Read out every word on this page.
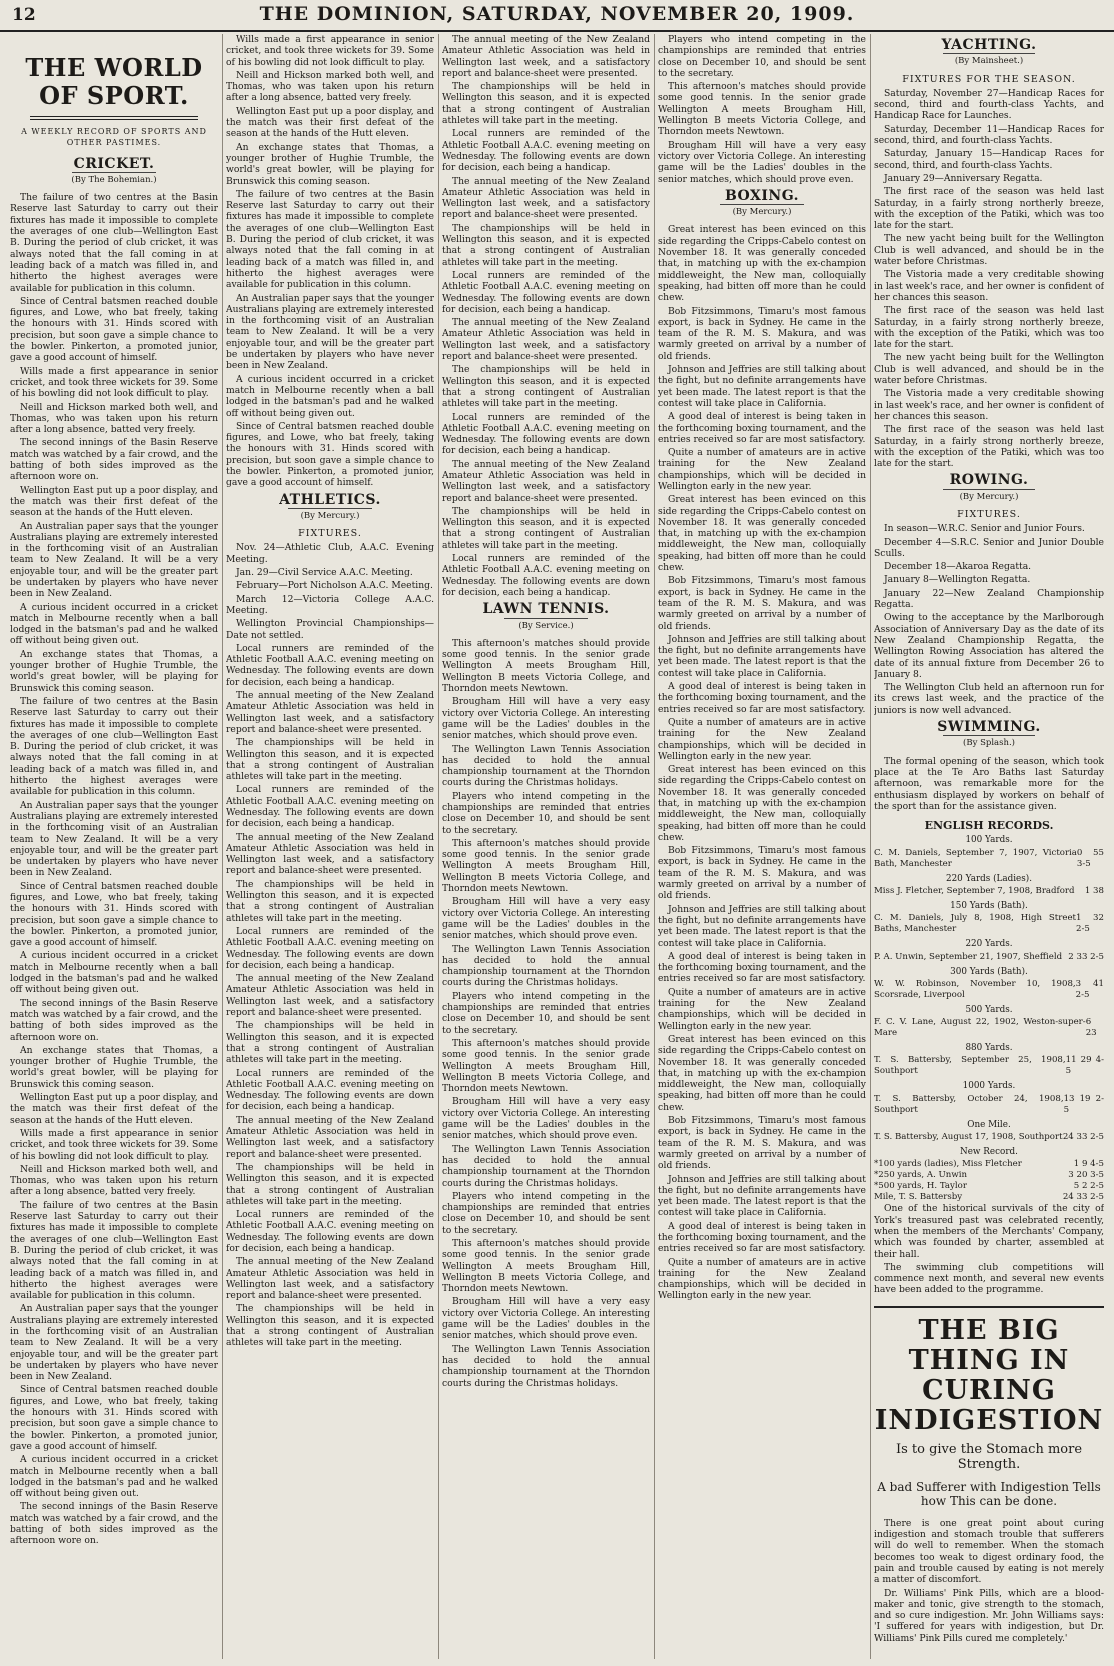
12	THE DOMINION, SATURDAY, NOVEMBER 20, 1909.
THE WORLD OF SPORT.
A WEEKLY RECORD OF SPORTS AND OTHER PASTIMES.
CRICKET.
(By The Bohemian.)

The failure of two centres at the Basin Reserve last Saturday to carry out their fixtures has made it impossible to complete the averages of one club—Wellington East B. During the period of club cricket, it was always noted that the fall coming in at leading back of a match was filled in, and hitherto the highest averages were available for publication in this column.

Since of Central batsmen reached double figures, and Lowe, who bat freely, taking the honours with 31. Hinds scored with precision, but soon gave a simple chance to the bowler. Pinkerton, a promoted junior, gave a good account of himself.

Wills made a first appearance in senior cricket, and took three wickets for 39. Some of his bowling did not look difficult to play.

Neill and Hickson marked both well, and Thomas, who was taken upon his return after a long absence, batted very freely.

The second innings of the Basin Reserve match was watched by a fair crowd, and the batting of both sides improved as the afternoon wore on.

Wellington East put up a poor display, and the match was their first defeat of the season at the hands of the Hutt eleven.

An Australian paper says that the younger Australians playing are extremely interested in the forthcoming visit of an Australian team to New Zealand. It will be a very enjoyable tour, and will be the greater part be undertaken by players who have never been in New Zealand.

A curious incident occurred in a cricket match in Melbourne recently when a ball lodged in the batsman's pad and he walked off without being given out.

An exchange states that Thomas, a younger brother of Hughie Trumble, the world's great bowler, will be playing for Brunswick this coming season.

The failure of two centres at the Basin Reserve last Saturday to carry out their fixtures has made it impossible to complete the averages of one club—Wellington East B. During the period of club cricket, it was always noted that the fall coming in at leading back of a match was filled in, and hitherto the highest averages were available for publication in this column.

An Australian paper says that the younger Australians playing are extremely interested in the forthcoming visit of an Australian team to New Zealand. It will be a very enjoyable tour, and will be the greater part be undertaken by players who have never been in New Zealand.

Since of Central batsmen reached double figures, and Lowe, who bat freely, taking the honours with 31. Hinds scored with precision, but soon gave a simple chance to the bowler. Pinkerton, a promoted junior, gave a good account of himself.

A curious incident occurred in a cricket match in Melbourne recently when a ball lodged in the batsman's pad and he walked off without being given out.

The second innings of the Basin Reserve match was watched by a fair crowd, and the batting of both sides improved as the afternoon wore on.

An exchange states that Thomas, a younger brother of Hughie Trumble, the world's great bowler, will be playing for Brunswick this coming season.

Wellington East put up a poor display, and the match was their first defeat of the season at the hands of the Hutt eleven.

Wills made a first appearance in senior cricket, and took three wickets for 39. Some of his bowling did not look difficult to play.

Neill and Hickson marked both well, and Thomas, who was taken upon his return after a long absence, batted very freely.

The failure of two centres at the Basin Reserve last Saturday to carry out their fixtures has made it impossible to complete the averages of one club—Wellington East B. During the period of club cricket, it was always noted that the fall coming in at leading back of a match was filled in, and hitherto the highest averages were available for publication in this column.

An Australian paper says that the younger Australians playing are extremely interested in the forthcoming visit of an Australian team to New Zealand. It will be a very enjoyable tour, and will be the greater part be undertaken by players who have never been in New Zealand.

Since of Central batsmen reached double figures, and Lowe, who bat freely, taking the honours with 31. Hinds scored with precision, but soon gave a simple chance to the bowler. Pinkerton, a promoted junior, gave a good account of himself.

A curious incident occurred in a cricket match in Melbourne recently when a ball lodged in the batsman's pad and he walked off without being given out.

The second innings of the Basin Reserve match was watched by a fair crowd, and the batting of both sides improved as the afternoon wore on.

Wills made a first appearance in senior cricket, and took three wickets for 39. Some of his bowling did not look difficult to play.

Neill and Hickson marked both well, and Thomas, who was taken upon his return after a long absence, batted very freely.

Wellington East put up a poor display, and the match was their first defeat of the season at the hands of the Hutt eleven.

An exchange states that Thomas, a younger brother of Hughie Trumble, the world's great bowler, will be playing for Brunswick this coming season.

The failure of two centres at the Basin Reserve last Saturday to carry out their fixtures has made it impossible to complete the averages of one club—Wellington East B. During the period of club cricket, it was always noted that the fall coming in at leading back of a match was filled in, and hitherto the highest averages were available for publication in this column.

An Australian paper says that the younger Australians playing are extremely interested in the forthcoming visit of an Australian team to New Zealand. It will be a very enjoyable tour, and will be the greater part be undertaken by players who have never been in New Zealand.

A curious incident occurred in a cricket match in Melbourne recently when a ball lodged in the batsman's pad and he walked off without being given out.

Since of Central batsmen reached double figures, and Lowe, who bat freely, taking the honours with 31. Hinds scored with precision, but soon gave a simple chance to the bowler. Pinkerton, a promoted junior, gave a good account of himself.

ATHLETICS.
(By Mercury.)
FIXTURES.

Nov. 24—Athletic Club, A.A.C. Evening Meeting.

Jan. 29—Civil Service A.A.C. Meeting.

February—Port Nicholson A.A.C. Meeting.

March 12—Victoria College A.A.C. Meeting.

Wellington Provincial Championships—Date not settled.

Local runners are reminded of the Athletic Football A.A.C. evening meeting on Wednesday. The following events are down for decision, each being a handicap.

The annual meeting of the New Zealand Amateur Athletic Association was held in Wellington last week, and a satisfactory report and balance-sheet were presented.

The championships will be held in Wellington this season, and it is expected that a strong contingent of Australian athletes will take part in the meeting.

Local runners are reminded of the Athletic Football A.A.C. evening meeting on Wednesday. The following events are down for decision, each being a handicap.

The annual meeting of the New Zealand Amateur Athletic Association was held in Wellington last week, and a satisfactory report and balance-sheet were presented.

The championships will be held in Wellington this season, and it is expected that a strong contingent of Australian athletes will take part in the meeting.

Local runners are reminded of the Athletic Football A.A.C. evening meeting on Wednesday. The following events are down for decision, each being a handicap.

The annual meeting of the New Zealand Amateur Athletic Association was held in Wellington last week, and a satisfactory report and balance-sheet were presented.

The championships will be held in Wellington this season, and it is expected that a strong contingent of Australian athletes will take part in the meeting.

Local runners are reminded of the Athletic Football A.A.C. evening meeting on Wednesday. The following events are down for decision, each being a handicap.

The annual meeting of the New Zealand Amateur Athletic Association was held in Wellington last week, and a satisfactory report and balance-sheet were presented.

The championships will be held in Wellington this season, and it is expected that a strong contingent of Australian athletes will take part in the meeting.

Local runners are reminded of the Athletic Football A.A.C. evening meeting on Wednesday. The following events are down for decision, each being a handicap.

The annual meeting of the New Zealand Amateur Athletic Association was held in Wellington last week, and a satisfactory report and balance-sheet were presented.

The championships will be held in Wellington this season, and it is expected that a strong contingent of Australian athletes will take part in the meeting.

The annual meeting of the New Zealand Amateur Athletic Association was held in Wellington last week, and a satisfactory report and balance-sheet were presented.

The championships will be held in Wellington this season, and it is expected that a strong contingent of Australian athletes will take part in the meeting.

Local runners are reminded of the Athletic Football A.A.C. evening meeting on Wednesday. The following events are down for decision, each being a handicap.

The annual meeting of the New Zealand Amateur Athletic Association was held in Wellington last week, and a satisfactory report and balance-sheet were presented.

The championships will be held in Wellington this season, and it is expected that a strong contingent of Australian athletes will take part in the meeting.

Local runners are reminded of the Athletic Football A.A.C. evening meeting on Wednesday. The following events are down for decision, each being a handicap.

The annual meeting of the New Zealand Amateur Athletic Association was held in Wellington last week, and a satisfactory report and balance-sheet were presented.

The championships will be held in Wellington this season, and it is expected that a strong contingent of Australian athletes will take part in the meeting.

Local runners are reminded of the Athletic Football A.A.C. evening meeting on Wednesday. The following events are down for decision, each being a handicap.

The annual meeting of the New Zealand Amateur Athletic Association was held in Wellington last week, and a satisfactory report and balance-sheet were presented.

The championships will be held in Wellington this season, and it is expected that a strong contingent of Australian athletes will take part in the meeting.

Local runners are reminded of the Athletic Football A.A.C. evening meeting on Wednesday. The following events are down for decision, each being a handicap.

LAWN TENNIS.
(By Service.)

This afternoon's matches should provide some good tennis. In the senior grade Wellington A meets Brougham Hill, Wellington B meets Victoria College, and Thorndon meets Newtown.

Brougham Hill will have a very easy victory over Victoria College. An interesting game will be the Ladies' doubles in the senior matches, which should prove even.

The Wellington Lawn Tennis Association has decided to hold the annual championship tournament at the Thorndon courts during the Christmas holidays.

Players who intend competing in the championships are reminded that entries close on December 10, and should be sent to the secretary.

This afternoon's matches should provide some good tennis. In the senior grade Wellington A meets Brougham Hill, Wellington B meets Victoria College, and Thorndon meets Newtown.

Brougham Hill will have a very easy victory over Victoria College. An interesting game will be the Ladies' doubles in the senior matches, which should prove even.

The Wellington Lawn Tennis Association has decided to hold the annual championship tournament at the Thorndon courts during the Christmas holidays.

Players who intend competing in the championships are reminded that entries close on December 10, and should be sent to the secretary.

This afternoon's matches should provide some good tennis. In the senior grade Wellington A meets Brougham Hill, Wellington B meets Victoria College, and Thorndon meets Newtown.

Brougham Hill will have a very easy victory over Victoria College. An interesting game will be the Ladies' doubles in the senior matches, which should prove even.

The Wellington Lawn Tennis Association has decided to hold the annual championship tournament at the Thorndon courts during the Christmas holidays.

Players who intend competing in the championships are reminded that entries close on December 10, and should be sent to the secretary.

This afternoon's matches should provide some good tennis. In the senior grade Wellington A meets Brougham Hill, Wellington B meets Victoria College, and Thorndon meets Newtown.

Brougham Hill will have a very easy victory over Victoria College. An interesting game will be the Ladies' doubles in the senior matches, which should prove even.

The Wellington Lawn Tennis Association has decided to hold the annual championship tournament at the Thorndon courts during the Christmas holidays.

Players who intend competing in the championships are reminded that entries close on December 10, and should be sent to the secretary.

This afternoon's matches should provide some good tennis. In the senior grade Wellington A meets Brougham Hill, Wellington B meets Victoria College, and Thorndon meets Newtown.

Brougham Hill will have a very easy victory over Victoria College. An interesting game will be the Ladies' doubles in the senior matches, which should prove even.

BOXING.
(By Mercury.)

Great interest has been evinced on this side regarding the Cripps-Cabelo contest on November 18. It was generally conceded that, in matching up with the ex-champion middleweight, the New man, colloquially speaking, had bitten off more than he could chew.

Bob Fitzsimmons, Timaru's most famous export, is back in Sydney. He came in the team of the R. M. S. Makura, and was warmly greeted on arrival by a number of old friends.

Johnson and Jeffries are still talking about the fight, but no definite arrangements have yet been made. The latest report is that the contest will take place in California.

A good deal of interest is being taken in the forthcoming boxing tournament, and the entries received so far are most satisfactory.

Quite a number of amateurs are in active training for the New Zealand championships, which will be decided in Wellington early in the new year.

Great interest has been evinced on this side regarding the Cripps-Cabelo contest on November 18. It was generally conceded that, in matching up with the ex-champion middleweight, the New man, colloquially speaking, had bitten off more than he could chew.

Bob Fitzsimmons, Timaru's most famous export, is back in Sydney. He came in the team of the R. M. S. Makura, and was warmly greeted on arrival by a number of old friends.

Johnson and Jeffries are still talking about the fight, but no definite arrangements have yet been made. The latest report is that the contest will take place in California.

A good deal of interest is being taken in the forthcoming boxing tournament, and the entries received so far are most satisfactory.

Quite a number of amateurs are in active training for the New Zealand championships, which will be decided in Wellington early in the new year.

Great interest has been evinced on this side regarding the Cripps-Cabelo contest on November 18. It was generally conceded that, in matching up with the ex-champion middleweight, the New man, colloquially speaking, had bitten off more than he could chew.

Bob Fitzsimmons, Timaru's most famous export, is back in Sydney. He came in the team of the R. M. S. Makura, and was warmly greeted on arrival by a number of old friends.

Johnson and Jeffries are still talking about the fight, but no definite arrangements have yet been made. The latest report is that the contest will take place in California.

A good deal of interest is being taken in the forthcoming boxing tournament, and the entries received so far are most satisfactory.

Quite a number of amateurs are in active training for the New Zealand championships, which will be decided in Wellington early in the new year.

Great interest has been evinced on this side regarding the Cripps-Cabelo contest on November 18. It was generally conceded that, in matching up with the ex-champion middleweight, the New man, colloquially speaking, had bitten off more than he could chew.

Bob Fitzsimmons, Timaru's most famous export, is back in Sydney. He came in the team of the R. M. S. Makura, and was warmly greeted on arrival by a number of old friends.

Johnson and Jeffries are still talking about the fight, but no definite arrangements have yet been made. The latest report is that the contest will take place in California.

A good deal of interest is being taken in the forthcoming boxing tournament, and the entries received so far are most satisfactory.

Quite a number of amateurs are in active training for the New Zealand championships, which will be decided in Wellington early in the new year.

YACHTING.
(By Mainsheet.)
FIXTURES FOR THE SEASON.

Saturday, November 27—Handicap Races for second, third and fourth-class Yachts, and Handicap Race for Launches.

Saturday, December 11—Handicap Races for second, third, and fourth-class Yachts.

Saturday, January 15—Handicap Races for second, third, and fourth-class Yachts.

January 29—Anniversary Regatta.

The first race of the season was held last Saturday, in a fairly strong northerly breeze, with the exception of the Patiki, which was too late for the start.

The new yacht being built for the Wellington Club is well advanced, and should be in the water before Christmas.

The Vistoria made a very creditable showing in last week's race, and her owner is confident of her chances this season.

The first race of the season was held last Saturday, in a fairly strong northerly breeze, with the exception of the Patiki, which was too late for the start.

The new yacht being built for the Wellington Club is well advanced, and should be in the water before Christmas.

The Vistoria made a very creditable showing in last week's race, and her owner is confident of her chances this season.

The first race of the season was held last Saturday, in a fairly strong northerly breeze, with the exception of the Patiki, which was too late for the start.

ROWING.
(By Mercury.)
FIXTURES.

In season—W.R.C. Senior and Junior Fours.

December 4—S.R.C. Senior and Junior Double Sculls.

December 18—Akaroa Regatta.

January 8—Wellington Regatta.

January 22—New Zealand Championship Regatta.

Owing to the acceptance by the Marlborough Association of Anniversary Day as the date of its New Zealand Championship Regatta, the Wellington Rowing Association has altered the date of its annual fixture from December 26 to January 8.

The Wellington Club held an afternoon run for its crews last week, and the practice of the juniors is now well advanced.

SWIMMING.
(By Splash.)

The formal opening of the season, which took place at the Te Aro Baths last Saturday afternoon, was remarkable more for the enthusiasm displayed by workers on behalf of the sport than for the assistance given.

ENGLISH RECORDS.
100 Yards.
C. M. Daniels, September 7, 1907, Victoria Bath, Manchester
0 55 3-5
220 Yards (Ladies).
Miss J. Fletcher, September 7, 1908, Bradford 1 38
150 Yards (Bath).
C. M. Daniels, July 8, 1908, High Street Baths, Manchester
1 32 2-5
220 Yards.
P. A. Unwin, September 21, 1907, Sheffield 2 33 2-5
300 Yards (Bath).
W. W. Robinson, November 10, 1908, Scorsrade, Liverpool
3 41 2-5
500 Yards.
F. C. V. Lane, August 22, 1902, Weston-super-Mare
6 23
880 Yards.
T. S. Battersby, September 25, 1908, Southport
11 29 4-5
1000 Yards.
T. S. Battersby, October 24, 1908, Southport
13 19 2-5
One Mile.
T. S. Battersby, August 17, 1908, Southport 24 33 2-5
New Record.
*100 yards (ladies), Miss Fletcher	1 9 4-5
*250 yards, A. Unwin	3 20 3-5
*500 yards, H. Taylor	5 2 2-5
Mile, T. S. Battersby	24 33 2-5

One of the historical survivals of the city of York's treasured past was celebrated recently, when the members of the Merchants' Company, which was founded by charter, assembled at their hall.

The swimming club competitions will commence next month, and several new events have been added to the programme.

THE BIG THING IN
CURING INDIGESTION
Is to give the Stomach more Strength.
A bad Sufferer with Indigestion Tells how This can be done.

There is one great point about curing indigestion and stomach trouble that sufferers will do well to remember. When the stomach becomes too weak to digest ordinary food, the pain and trouble caused by eating is not merely a matter of discomfort.

Dr. Williams' Pink Pills, which are a blood-maker and tonic, give strength to the stomach, and so cure indigestion. Mr. John Williams says: 'I suffered for years with indigestion, but Dr. Williams' Pink Pills cured me completely.'
